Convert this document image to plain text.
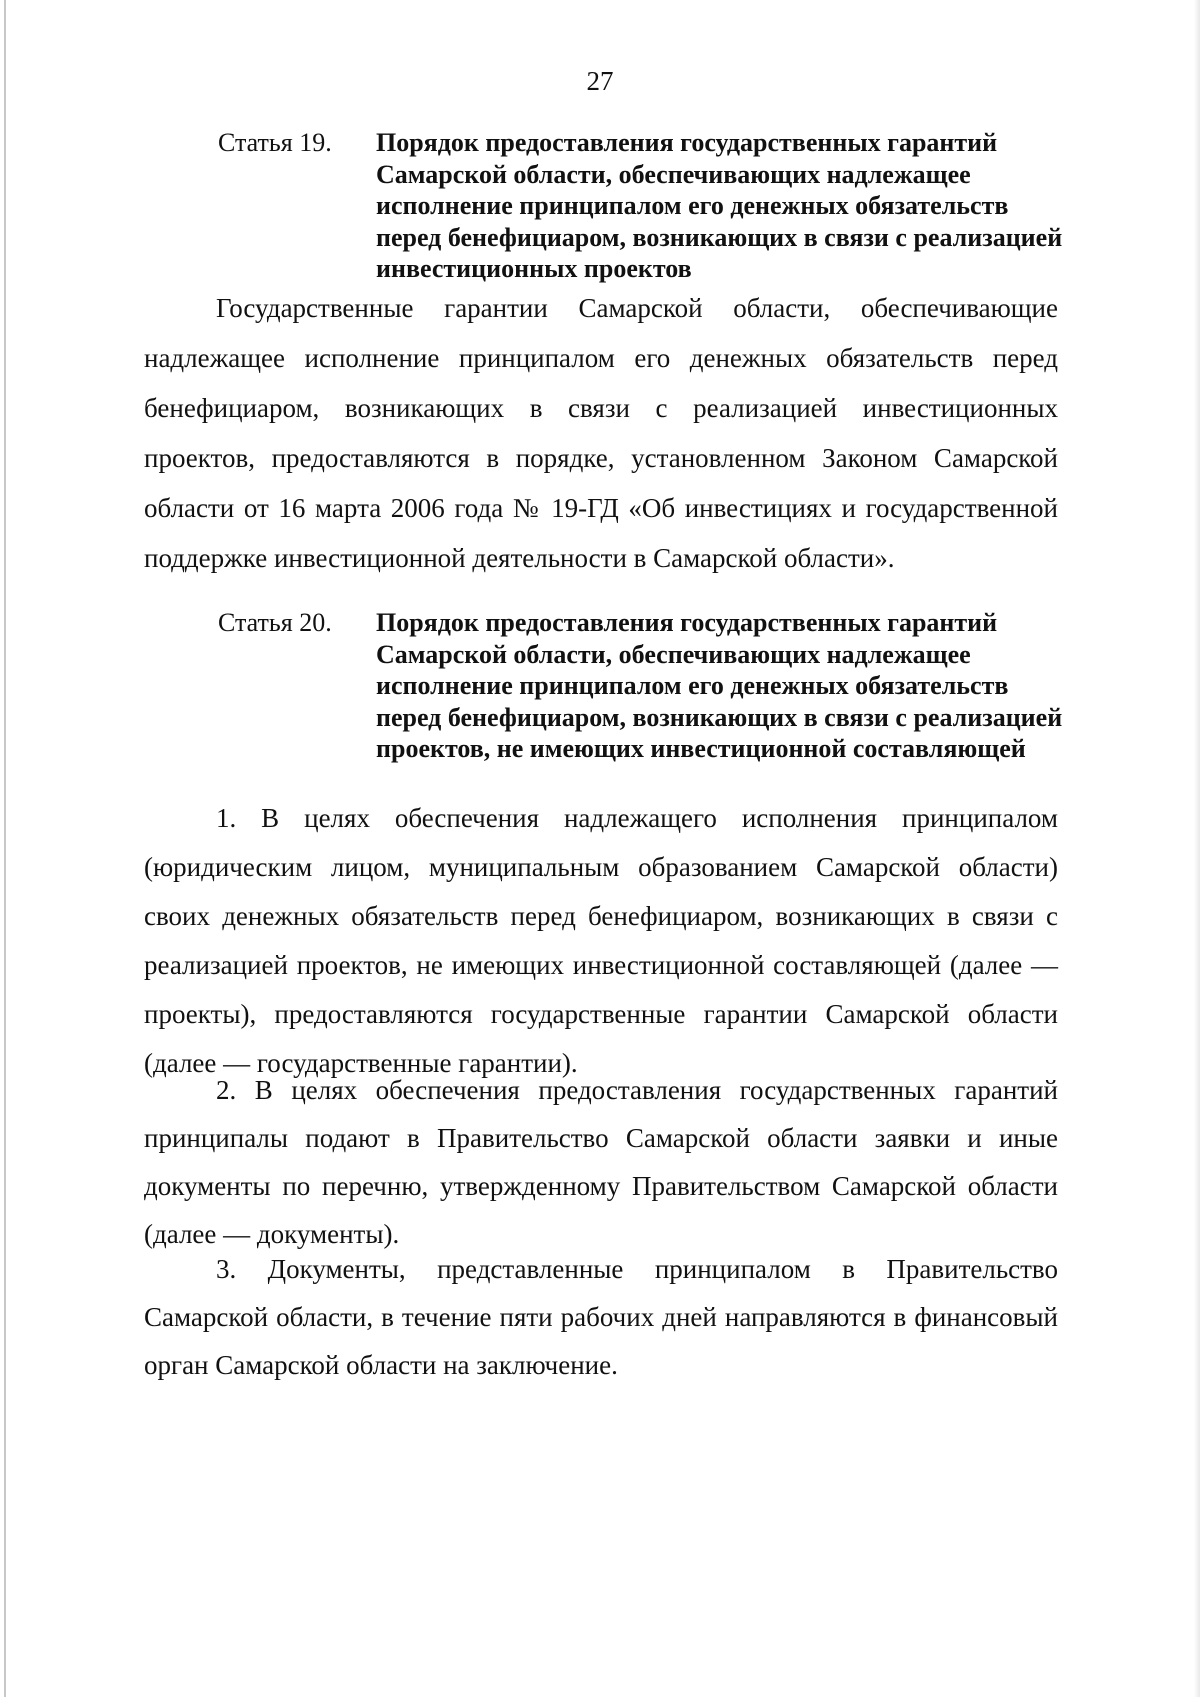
27
Статья 19.	Порядок предоставления государственных гарантий Самарской области, обеспечивающих надлежащее исполнение принципалом его денежных обязательств перед бенефициаром, возникающих в связи с реализацией инвестиционных проектов
Государственные гарантии Самарской области, обеспечивающие надлежащее исполнение принципалом его денежных обязательств перед бенефициаром, возникающих в связи с реализацией инвестиционных проектов, предоставляются в порядке, установленном Законом Самарской области от 16 марта 2006 года № 19-ГД «Об инвестициях и государственной поддержке инвестиционной деятельности в Самарской области».
Статья 20.	Порядок предоставления государственных гарантий Самарской области, обеспечивающих надлежащее исполнение принципалом его денежных обязательств перед бенефициаром, возникающих в связи с реализацией проектов, не имеющих инвестиционной составляющей
1. В целях обеспечения надлежащего исполнения принципалом (юридическим лицом, муниципальным образованием Самарской области) своих денежных обязательств перед бенефициаром, возникающих в связи с реализацией проектов, не имеющих инвестиционной составляющей (далее — проекты), предоставляются государственные гарантии Самарской области (далее — государственные гарантии).
2. В целях обеспечения предоставления государственных гарантий принципалы подают в Правительство Самарской области заявки и иные документы по перечню, утвержденному Правительством Самарской области (далее — документы).
3. Документы, представленные принципалом в Правительство Самарской области, в течение пяти рабочих дней направляются в финансовый орган Самарской области на заключение.
